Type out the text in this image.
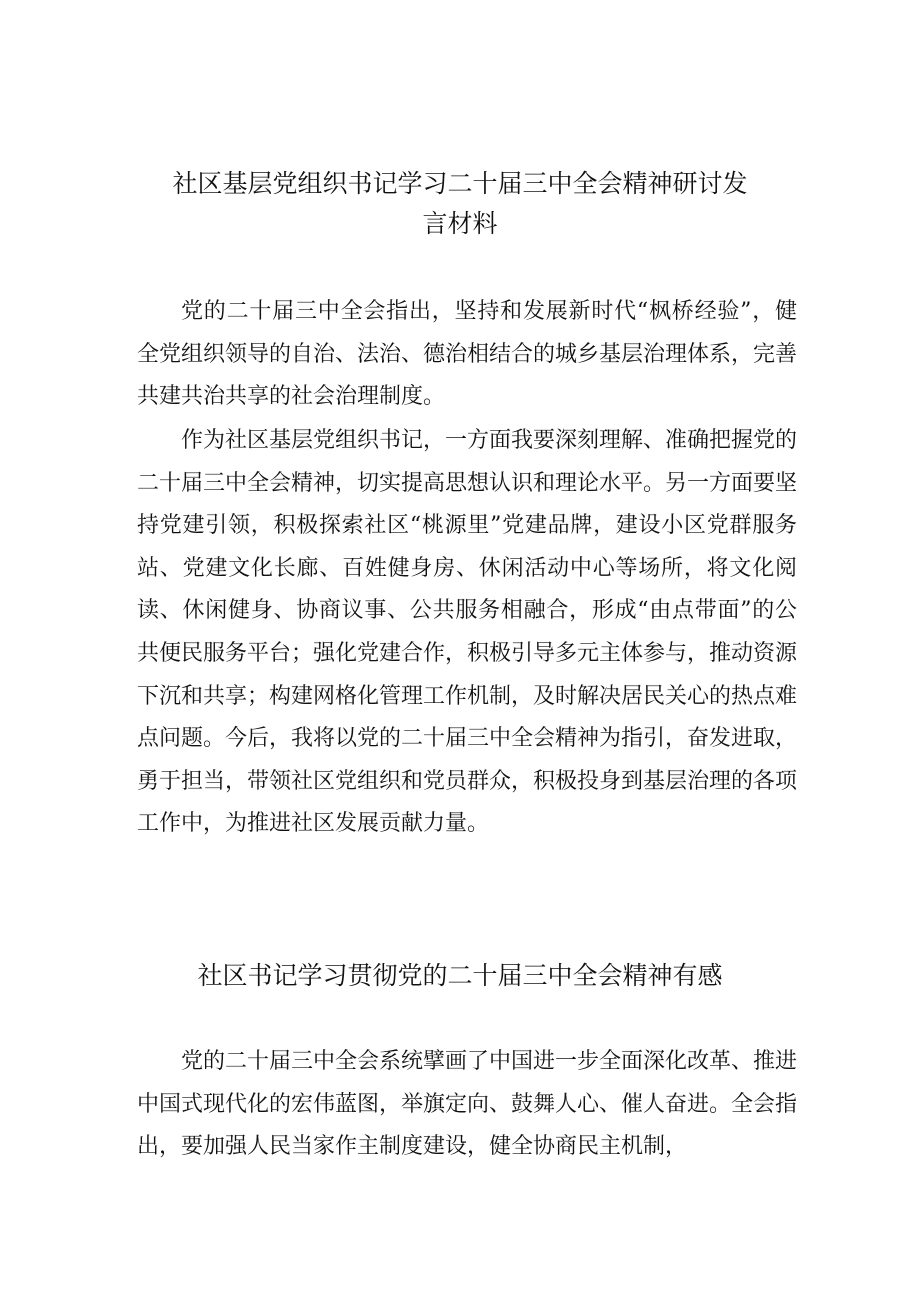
社区基层党组织书记学习二十届三中全会精神研讨发
言材料

党的二十届三中全会指出，坚持和发展新时代“枫桥经验”，健全党组织领导的自治、法治、德治相结合的城乡基层治理体系，完善共建共治共享的社会治理制度。

作为社区基层党组织书记，一方面我要深刻理解、准确把握党的二十届三中全会精神，切实提高思想认识和理论水平。另一方面要坚持党建引领，积极探索社区“桃源里”党建品牌，建设小区党群服务站、党建文化长廊、百姓健身房、休闲活动中心等场所，将文化阅读、休闲健身、协商议事、公共服务相融合，形成“由点带面”的公共便民服务平台；强化党建合作，积极引导多元主体参与，推动资源下沉和共享；构建网格化管理工作机制，及时解决居民关心的热点难点问题。今后，我将以党的二十届三中全会精神为指引，奋发进取，勇于担当，带领社区党组织和党员群众，积极投身到基层治理的各项工作中，为推进社区发展贡献力量。

社区书记学习贯彻党的二十届三中全会精神有感

党的二十届三中全会系统擘画了中国进一步全面深化改革、推进中国式现代化的宏伟蓝图，举旗定向、鼓舞人心、催人奋进。全会指出，要加强人民当家作主制度建设，健全协商民主机制，
